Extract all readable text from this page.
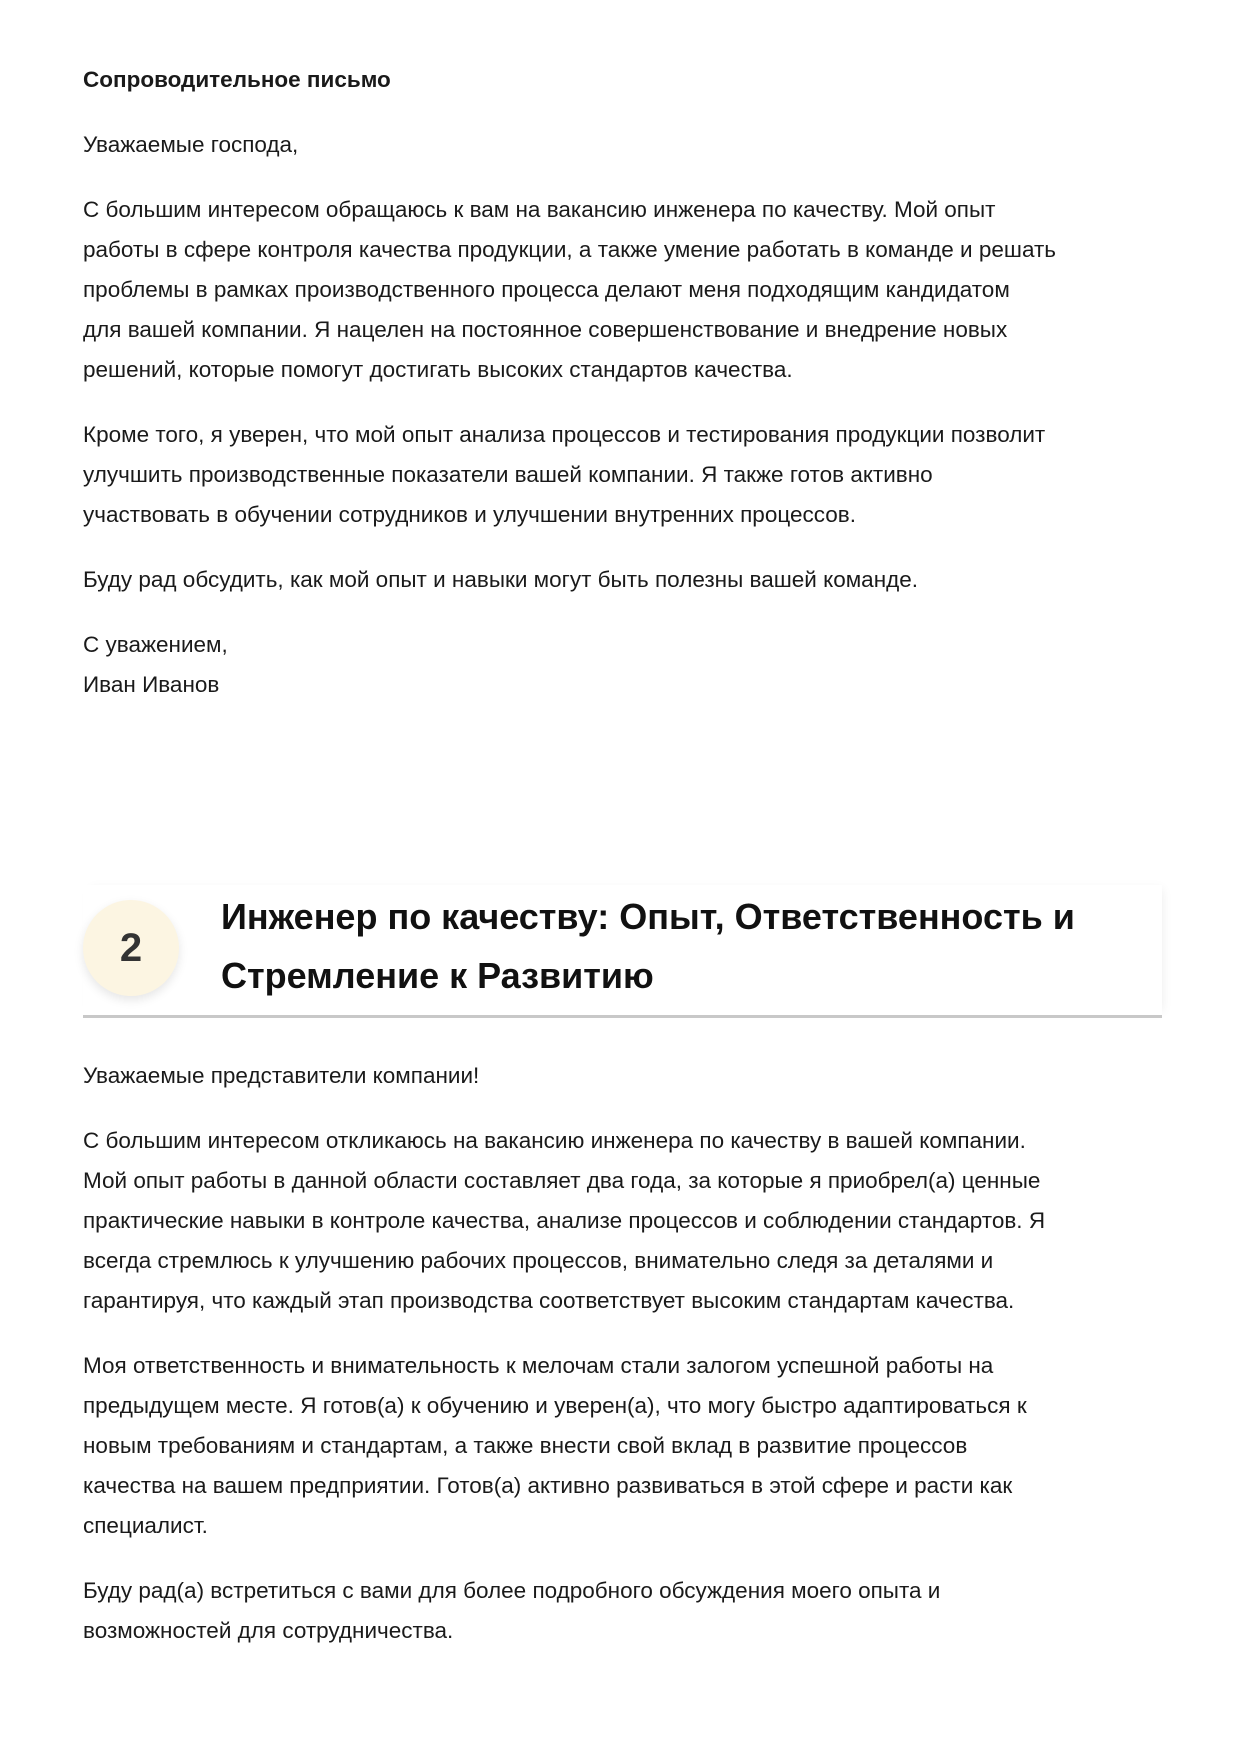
Сопроводительное письмо
Уважаемые господа,
С большим интересом обращаюсь к вам на вакансию инженера по качеству. Мой опыт
работы в сфере контроля качества продукции, а также умение работать в команде и решать
проблемы в рамках производственного процесса делают меня подходящим кандидатом
для вашей компании. Я нацелен на постоянное совершенствование и внедрение новых
решений, которые помогут достигать высоких стандартов качества.
Кроме того, я уверен, что мой опыт анализа процессов и тестирования продукции позволит
улучшить производственные показатели вашей компании. Я также готов активно
участвовать в обучении сотрудников и улучшении внутренних процессов.
Буду рад обсудить, как мой опыт и навыки могут быть полезны вашей команде.
С уважением,
Иван Иванов
2
Инженер по качеству: Опыт, Ответственность и
Стремление к Развитию
Уважаемые представители компании!
С большим интересом откликаюсь на вакансию инженера по качеству в вашей компании.
Мой опыт работы в данной области составляет два года, за которые я приобрел(а) ценные
практические навыки в контроле качества, анализе процессов и соблюдении стандартов. Я
всегда стремлюсь к улучшению рабочих процессов, внимательно следя за деталями и
гарантируя, что каждый этап производства соответствует высоким стандартам качества.
Моя ответственность и внимательность к мелочам стали залогом успешной работы на
предыдущем месте. Я готов(а) к обучению и уверен(а), что могу быстро адаптироваться к
новым требованиям и стандартам, а также внести свой вклад в развитие процессов
качества на вашем предприятии. Готов(а) активно развиваться в этой сфере и расти как
специалист.
Буду рад(а) встретиться с вами для более подробного обсуждения моего опыта и
возможностей для сотрудничества.
